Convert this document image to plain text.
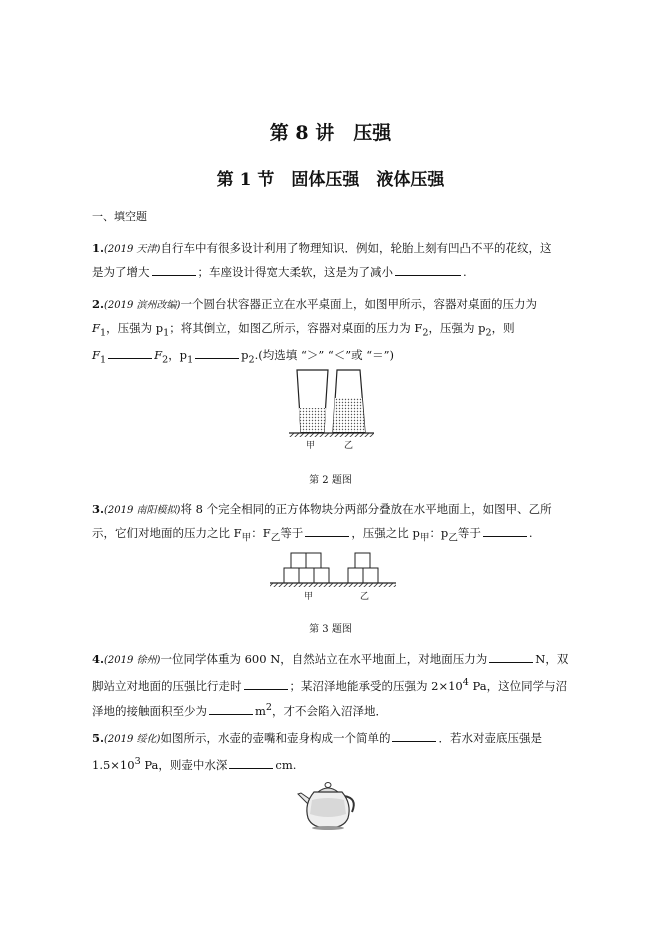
第 8 讲　压强
第 1 节　固体压强　液体压强
一、填空题
1.(2019 天津)自行车中有很多设计利用了物理知识．例如，轮胎上刻有凹凸不平的花纹，这
是为了增大	；车座设计得宽大柔软，这是为了减小	.
2.(2019 滨州改编)一个圆台状容器正立在水平桌面上，如图甲所示，容器对桌面的压力为
$F_1$，压强为 $p_1$；将其倒立，如图乙所示，容器对桌面的压力为 $F_2$，压强为 $p_2$，则
$F_1$	$F_2$，$p_1$	$p_2$.(均选填 “＞” “＜”或 “＝”)
甲	乙
第 2 题图
3.(2019 南阳模拟)将 8 个完全相同的正方体物块分两部分叠放在水平地面上，如图甲、乙所
示，它们对地面的压力之比 $F_甲$：$F_乙$等于	，压强之比 $p_甲$：$p_乙$等于	.
甲	乙
第 3 题图
4.(2019 徐州)一位同学体重为 600 N，自然站立在水平地面上，对地面压力为	N，双
脚站立对地面的压强比行走时	；某沼泽地能承受的压强为 $2\times 10^4$ Pa，这位同学与沼
泽地的接触面积至少为	$m^2$，才不会陷入沼泽地．
5.(2019 绥化)如图所示，水壶的壶嘴和壶身构成一个简单的	．若水对壶底压强是
$1.5\times 10^3$ Pa，则壶中水深	cm.
